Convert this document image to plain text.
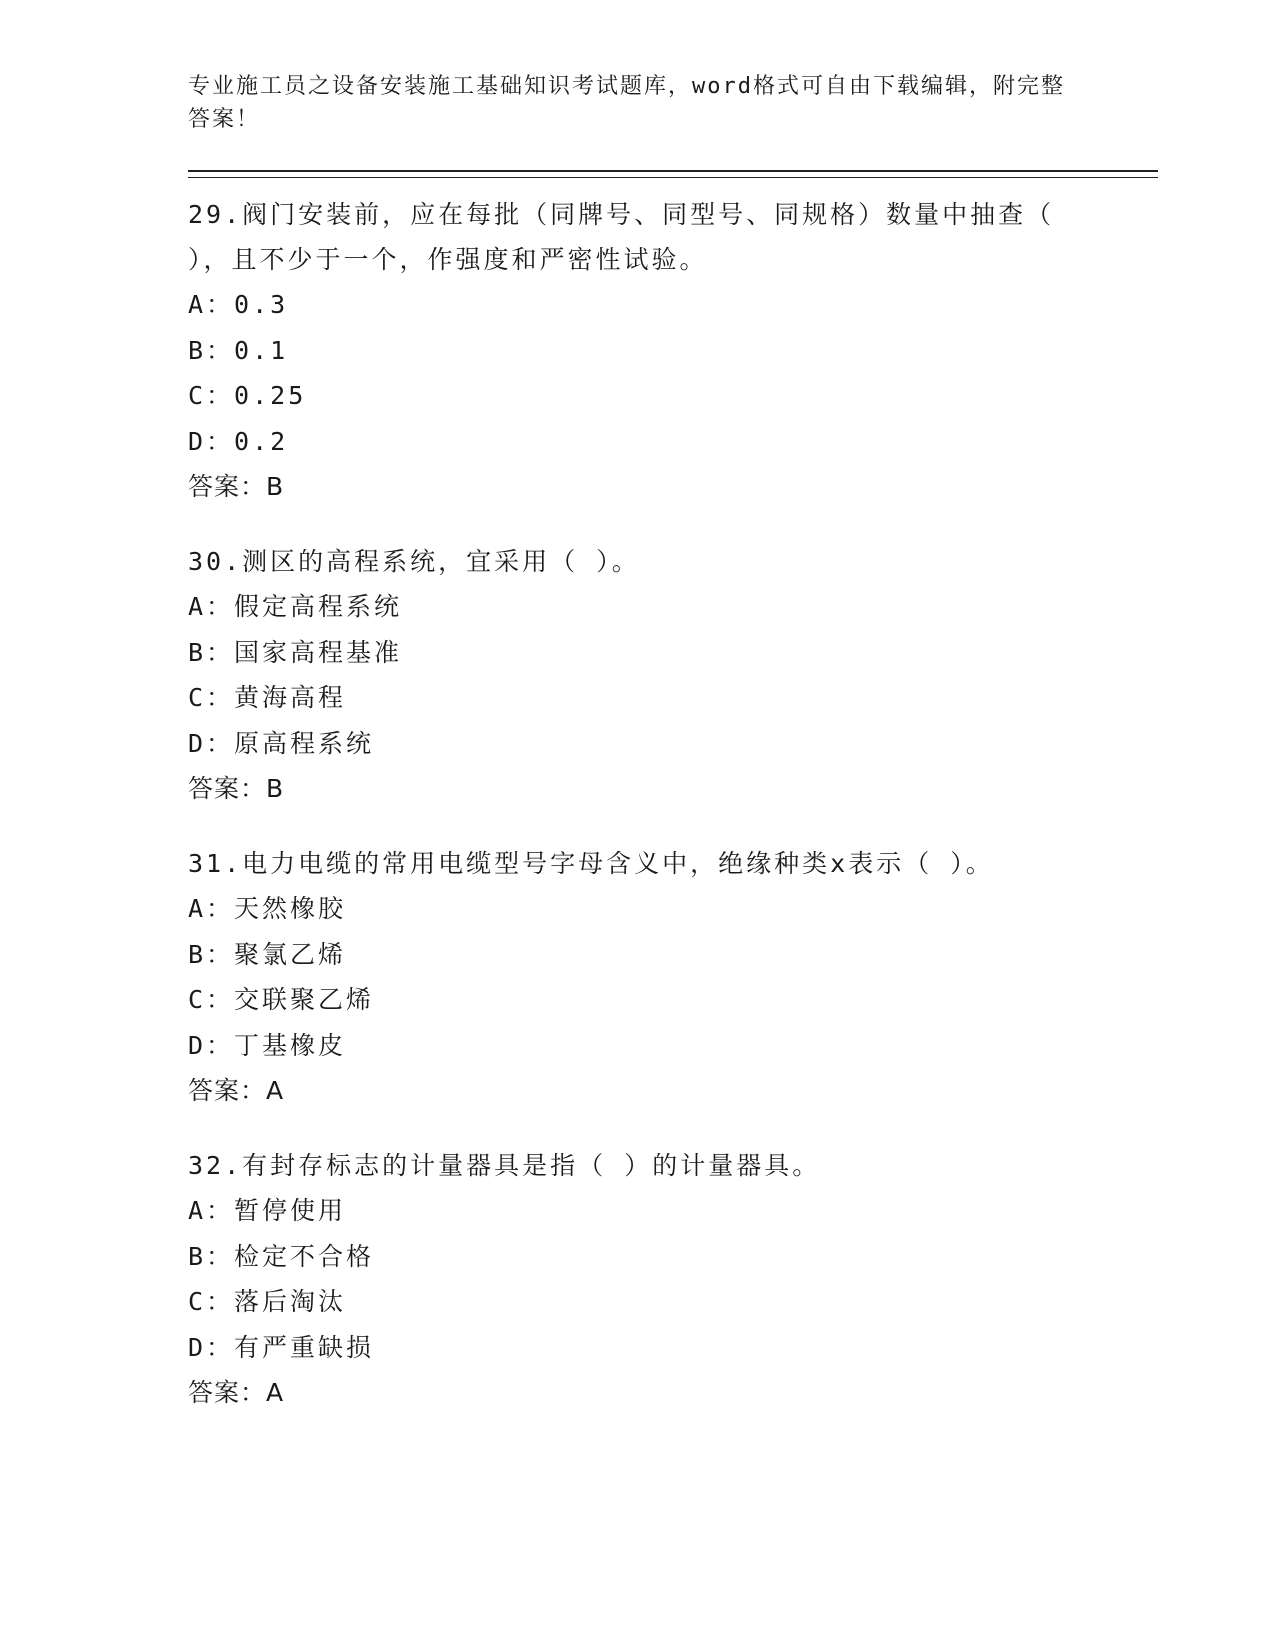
专业施工员之设备安装施工基础知识考试题库，word格式可自由下载编辑，附完整答案！

29.阀门安装前，应在每批（同牌号、同型号、同规格）数量中抽查（ ），且不少于一个，作强度和严密性试验。

A：0.3

B：0.1

C：0.25

D：0.2

答案：B

30.测区的高程系统，宜采用（ ）。

A：假定高程系统

B：国家高程基准

C：黄海高程

D：原高程系统

答案：B

31.电力电缆的常用电缆型号字母含义中，绝缘种类x表示（ ）。

A：天然橡胶

B：聚氯乙烯

C：交联聚乙烯

D：丁基橡皮

答案：A

32.有封存标志的计量器具是指（ ）的计量器具。

A：暂停使用

B：检定不合格

C：落后淘汰

D：有严重缺损

答案：A
